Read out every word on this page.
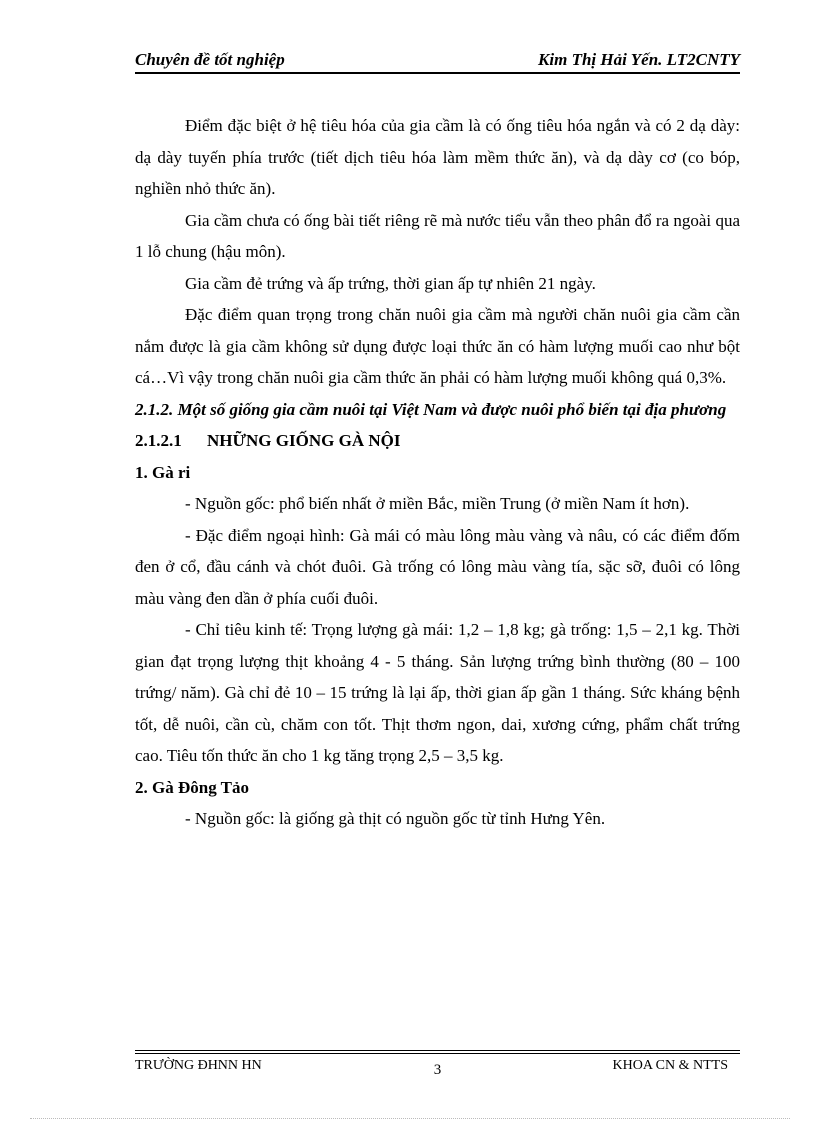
Chuyên đề tốt nghiệp	Kim Thị Hải Yến. LT2CNTY

Điểm đặc biệt ở hệ tiêu hóa của gia cầm là có ống tiêu hóa ngắn và có 2 dạ dày: dạ dày tuyến phía trước (tiết dịch tiêu hóa làm mềm thức ăn), và dạ dày cơ (co bóp, nghiền nhỏ thức ăn).

Gia cầm chưa có ống bài tiết riêng rẽ mà nước tiểu vẫn theo phân đổ ra ngoài qua 1 lỗ chung (hậu môn).

Gia cầm đẻ trứng và ấp trứng, thời gian ấp tự nhiên 21 ngày.

Đặc điểm quan trọng trong chăn nuôi gia cầm mà người chăn nuôi gia cầm cần nắm được là gia cầm không sử dụng được loại thức ăn có hàm lượng muối cao như bột cá…Vì vậy trong chăn nuôi gia cầm thức ăn phải có hàm lượng muối không quá 0,3%.

2.1.2. Một số giống gia cầm nuôi tại Việt Nam và được nuôi phổ biến tại địa phương

2.1.2.1 NHỮNG GIỐNG GÀ NỘI

1. Gà ri

- Nguồn gốc: phổ biến nhất ở miền Bắc, miền Trung (ở miền Nam ít hơn).

- Đặc điểm ngoại hình: Gà mái có màu lông màu vàng và nâu, có các điểm đốm đen ở cổ, đầu cánh và chót đuôi. Gà trống có lông màu vàng tía, sặc sỡ, đuôi có lông màu vàng đen dần ở phía cuối đuôi.

- Chỉ tiêu kinh tế: Trọng lượng gà mái: 1,2 – 1,8 kg; gà trống: 1,5 – 2,1 kg. Thời gian đạt trọng lượng thịt khoảng 4 - 5 tháng. Sản lượng trứng bình thường (80 – 100 trứng/ năm). Gà chỉ đẻ 10 – 15 trứng là lại ấp, thời gian ấp gần 1 tháng. Sức kháng bệnh tốt, dễ nuôi, cần cù, chăm con tốt. Thịt thơm ngon, dai, xương cứng, phẩm chất trứng cao. Tiêu tốn thức ăn cho 1 kg tăng trọng 2,5 – 3,5 kg.

2. Gà Đông Tảo

- Nguồn gốc: là giống gà thịt có nguồn gốc từ tỉnh Hưng Yên.

TRƯỜNG ĐHNN HN	3	KHOA CN & NTTS
